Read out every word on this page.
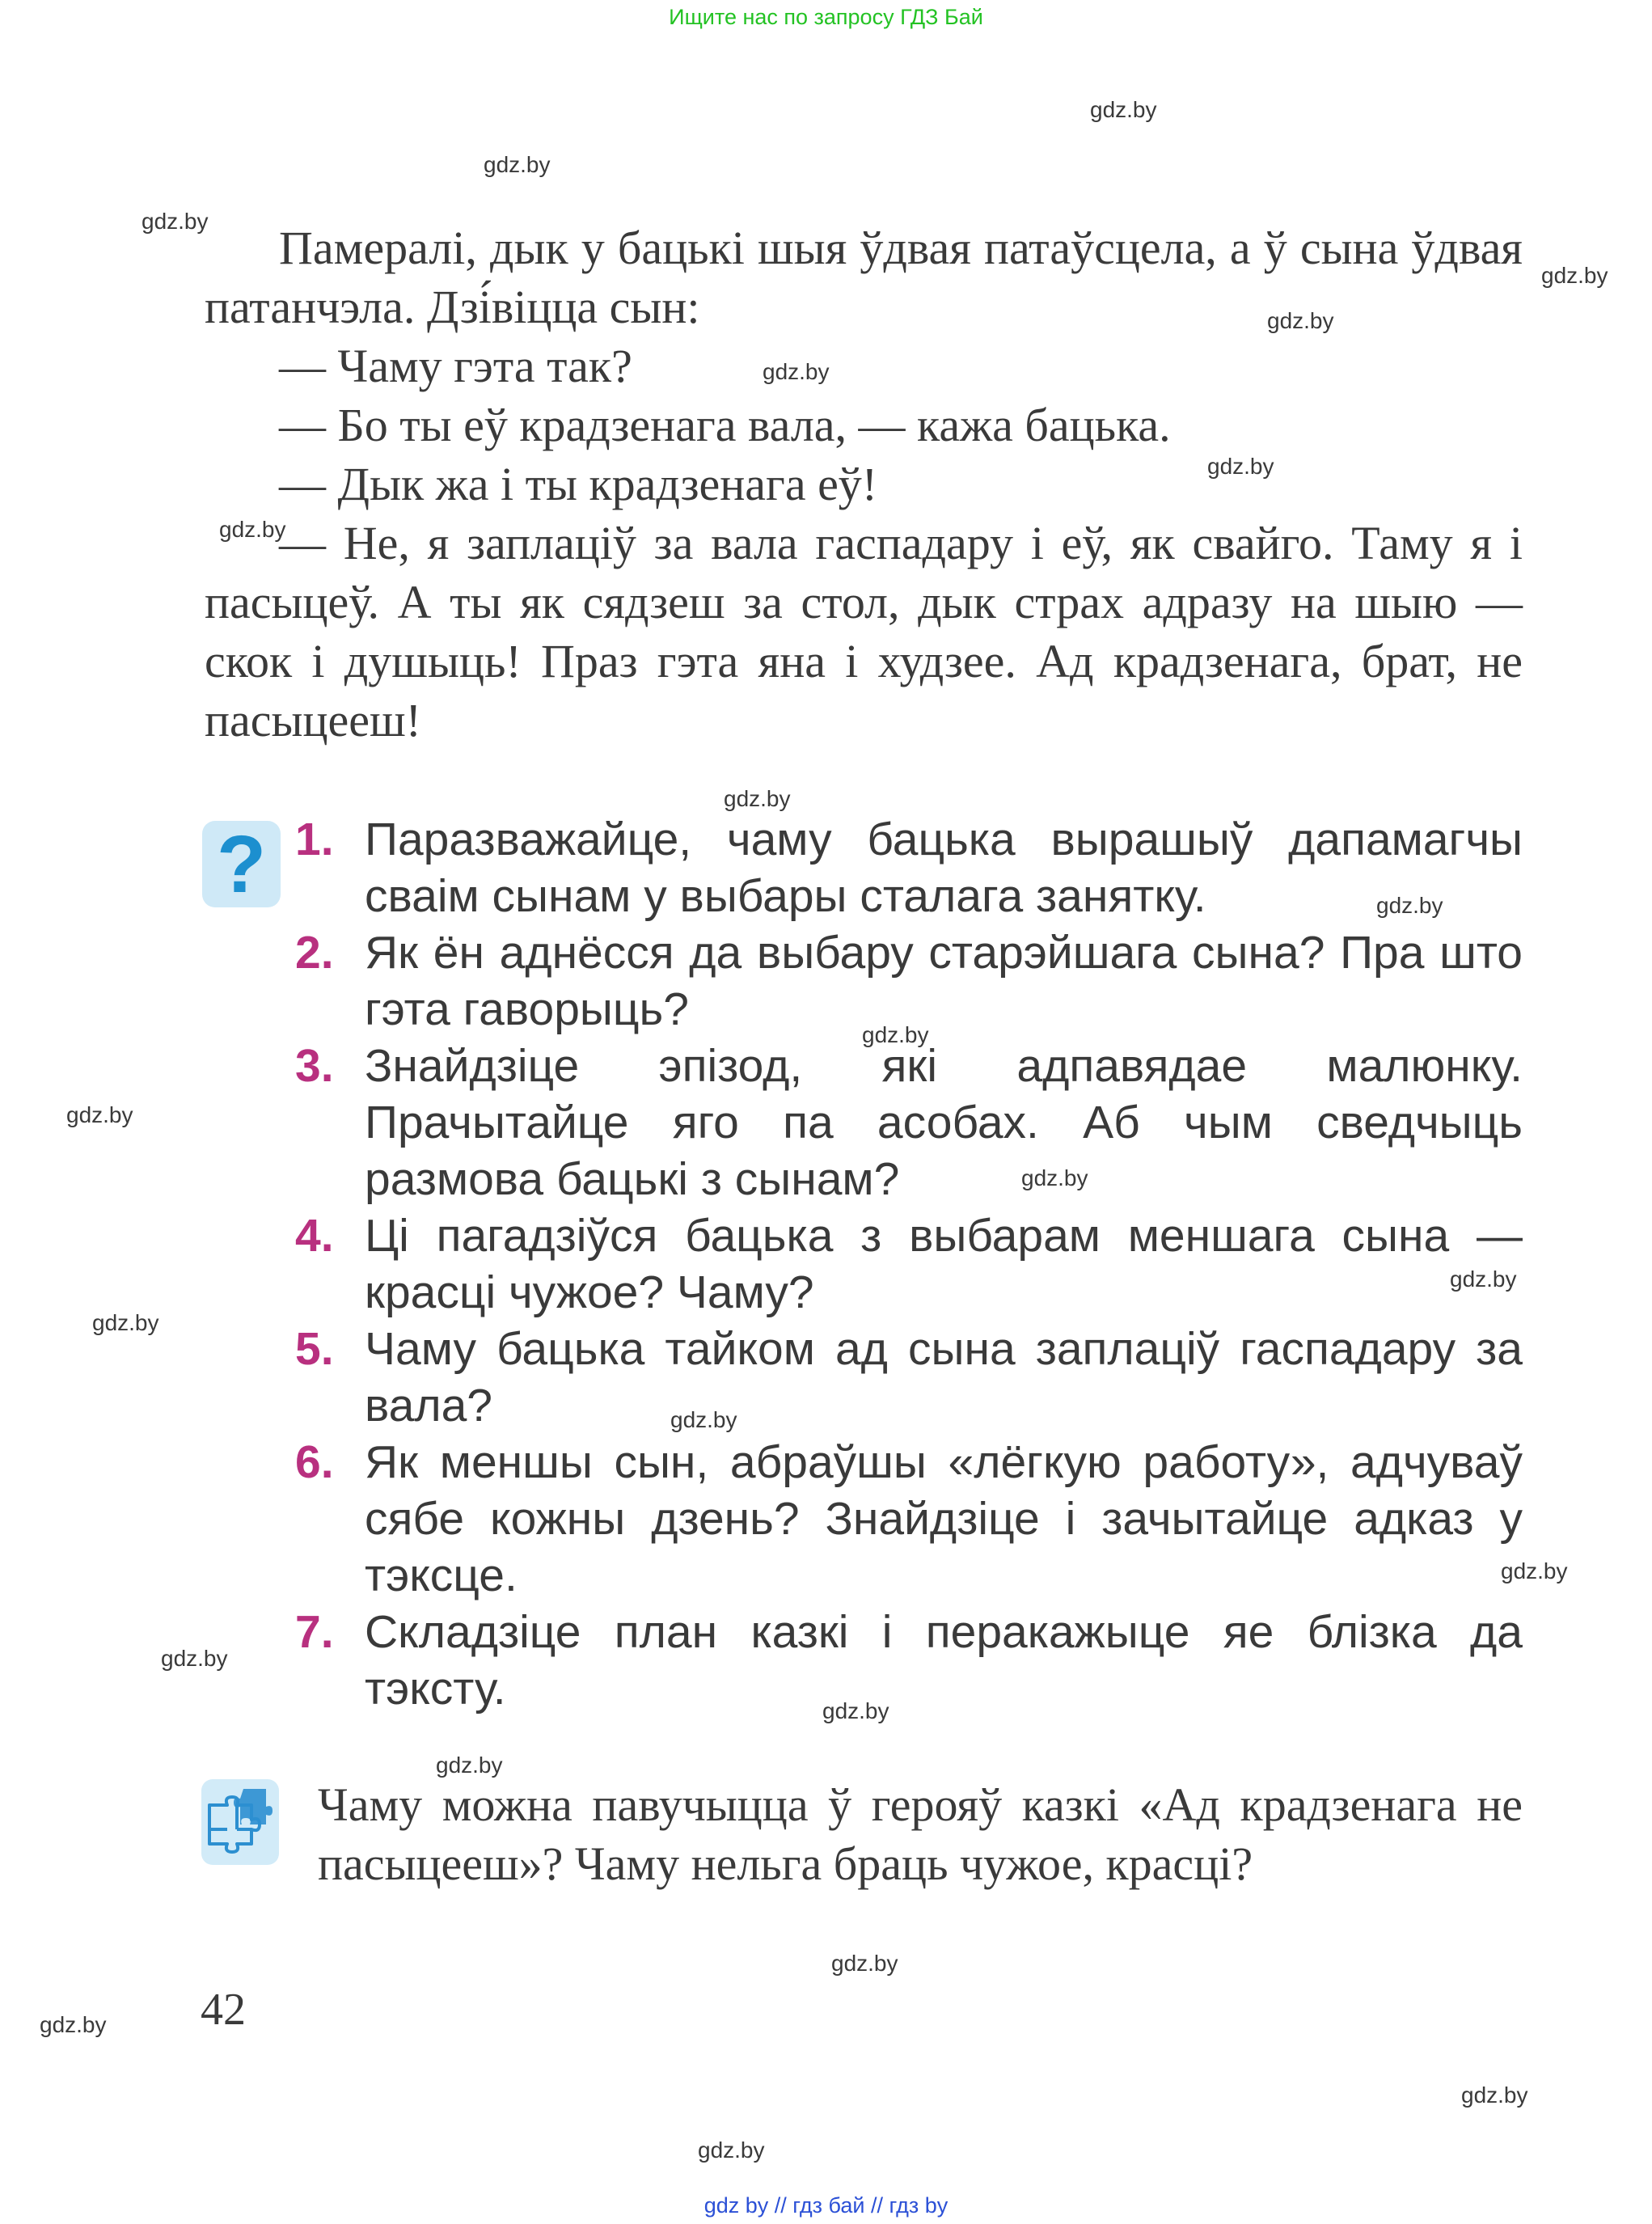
Ищите нас по запросу ГДЗ Бай
gdz.by
gdz.by
gdz.by
gdz.by
gdz.by
gdz.by
gdz.by
gdz.by
gdz.by
gdz.by
gdz.by
gdz.by
gdz.by
gdz.by
gdz.by
gdz.by
gdz.by
gdz.by
gdz.by
gdz.by
gdz.by
gdz.by
gdz.by
gdz.by

Памералі, дык у бацькі шыя ўдвая патаўсцела, а ў сына ўдвая патанчэла. Дзі́віцца сын:

— Чаму гэта так?

— Бо ты еў крадзенага вала, — кажа бацька.

— Дык жа і ты крадзенага еў!

— Не, я заплаціў за вала гаспадару і еў, як свайго. Таму я і пасыцеў. А ты як сядзеш за стол, дык страх адразу на шыю — скок і душыць! Праз гэта яна і худзее. Ад крадзенага, брат, не пасыцееш!

? 1. Паразважайце, чаму бацька вырашыў дапамагчы сваім сынам у выбары сталага занятку.
2. Як ён аднёсся да выбару старэйшага сына? Пра што гэта гаворыць?
3. Знайдзіце эпізод, які адпавядае малюнку. Прачытайце яго па асобах. Аб чым сведчыць размова бацькі з сынам?
4. Ці пагадзіўся бацька з выбарам меншага сына — красці чужое? Чаму?
5. Чаму бацька тайком ад сына заплаціў гаспадару за вала?
6. Як меншы сын, абраўшы «лёгкую работу», адчуваў сябе кожны дзень? Знайдзіце і зачытайце адказ у тэксце.
7. Складзіце план казкі і перакажыце яе блізка да тэксту.
Чаму можна павучыцца ў герояў казкі «Ад крадзенага не пасыцееш»? Чаму нельга браць чужое, красці?
42
gdz by // гдз бай // гдз by
